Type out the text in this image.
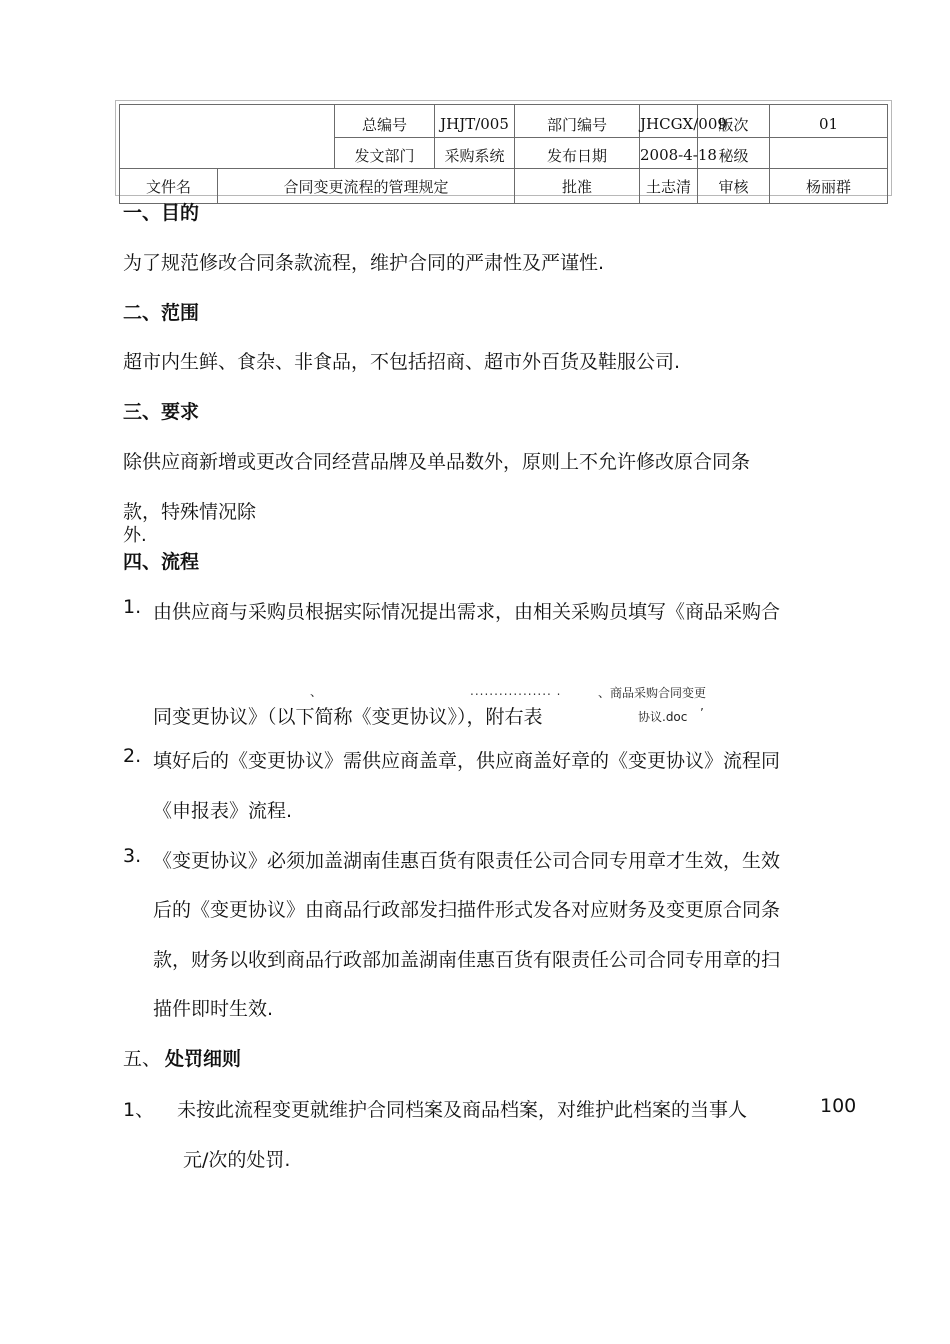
		总编号	JHJT/005	部门编号	JHCGX/009	版次	01
		发文部门	采购系统	发布日期	2008-4-18	秘级	
文件名	合同变更流程的管理规定			批准	土志清	审核	杨丽群
一、目的
为了规范修改合同条款流程，维护合同的严肃性及严谨性.
二、范围
超市内生鲜、食杂、非食品，不包括招商、超市外百货及鞋服公司.
三、要求
除供应商新增或更改合同经营品牌及单品数外，原则上不允许修改原合同条
款，特殊情况除
外.
四、流程
1. 由供应商与采购员根据实际情况提出需求，由相关采购员填写《商品采购合
、	................. .	、商品采购合同变更
同变更协议》（以下简称《变更协议》），附右表	协议.doc ’
2. 填好后的《变更协议》需供应商盖章，供应商盖好章的《变更协议》流程同
《申报表》流程.
3. 《变更协议》必须加盖湖南佳惠百货有限责任公司合同专用章才生效，生效
后的《变更协议》由商品行政部发扫描件形式发各对应财务及变更原合同条
款，财务以收到商品行政部加盖湖南佳惠百货有限责任公司合同专用章的扫
描件即时生效.
五、 处罚细则
1、 未按此流程变更就维护合同档案及商品档案，对维护此档案的当事人	100
元/次的处罚.
